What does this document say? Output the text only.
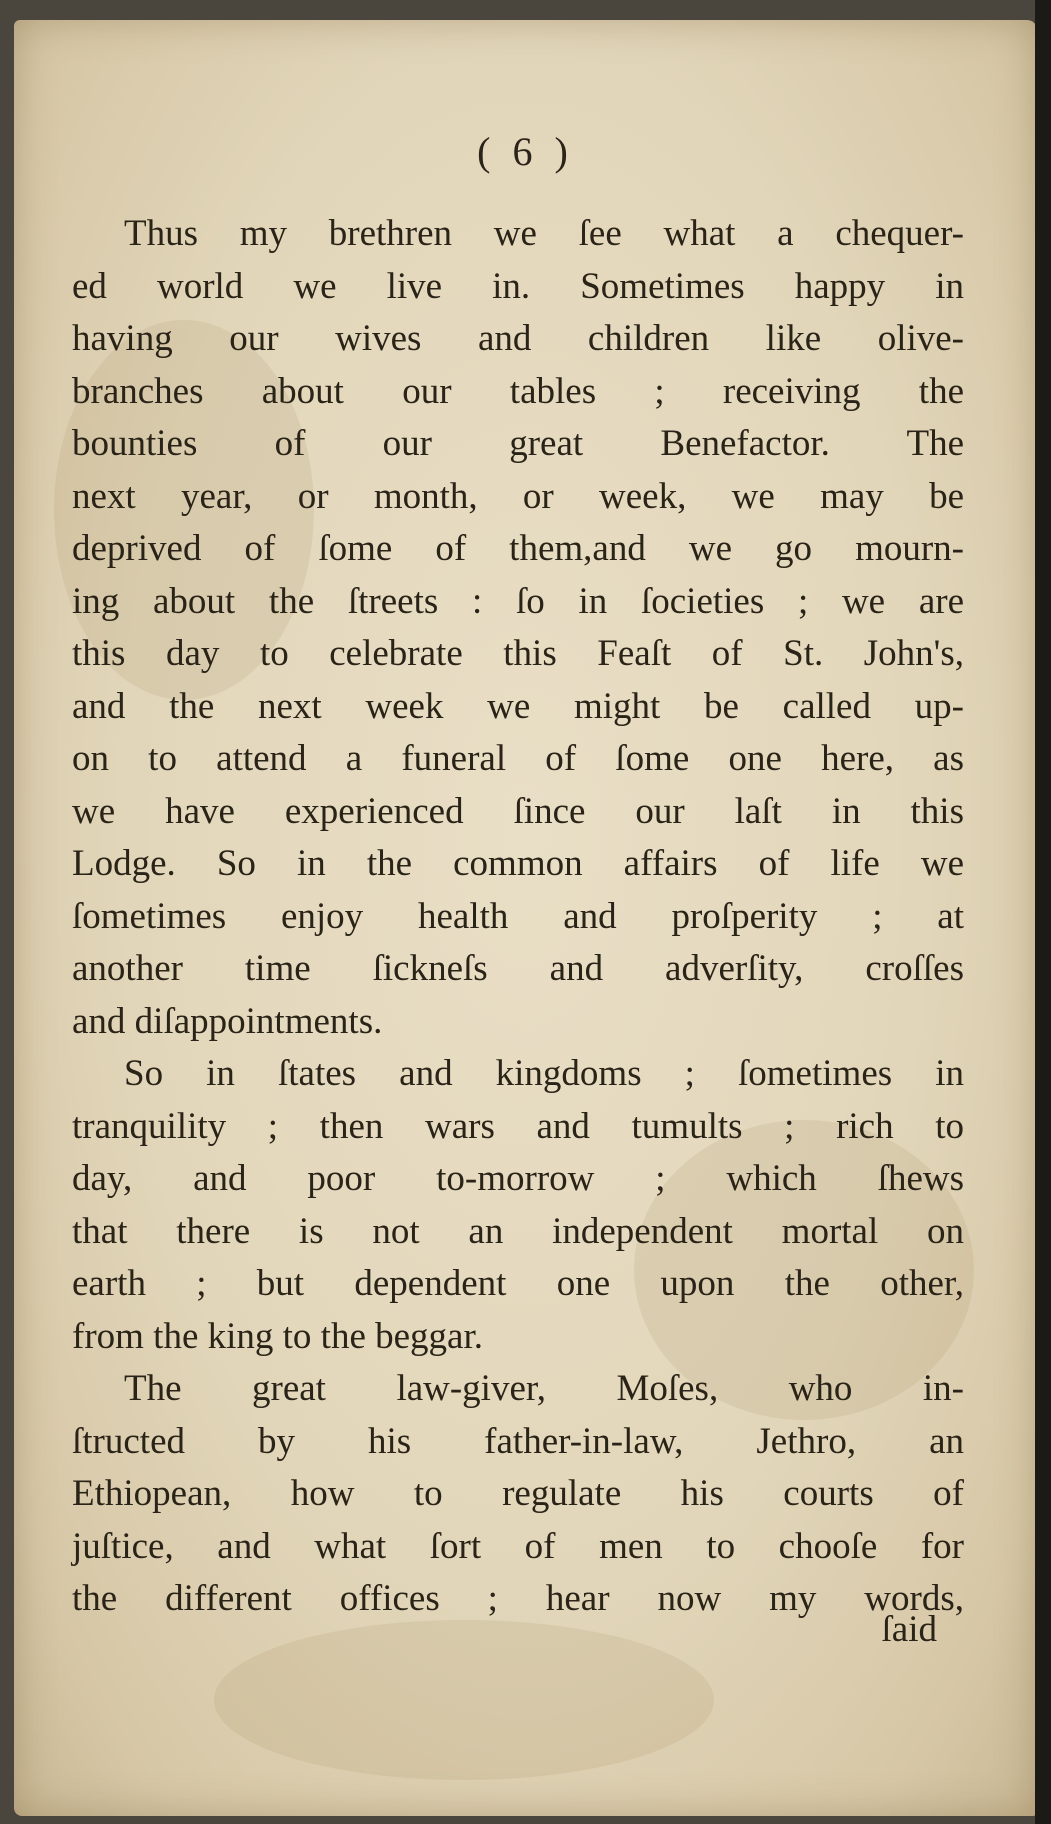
( 6 )
Thus my brethren we ſee what a chequer-
ed world we live in. Sometimes happy in
having our wives and children like olive-
branches about our tables ; receiving the
bounties of our great Benefactor. The
next year, or month, or week, we may be
deprived of ſome of them,and we go mourn-
ing about the ſtreets : ſo in ſocieties ; we are
this day to celebrate this Feaſt of St. John's,
and the next week we might be called up-
on to attend a funeral of ſome one here, as
we have experienced ſince our laſt in this
Lodge. So in the common affairs of life we
ſometimes enjoy health and proſperity ; at
another time ſickneſs and adverſity, croſſes
and diſappointments.
So in ſtates and kingdoms ; ſometimes in
tranquility ; then wars and tumults ; rich to
day, and poor to-morrow ; which ſhews
that there is not an independent mortal on
earth ; but dependent one upon the other,
from the king to the beggar.
The great law-giver, Moſes, who in-
ſtructed by his father-in-law, Jethro, an
Ethiopean, how to regulate his courts of
juſtice, and what ſort of men to chooſe for
the different offices ; hear now my words,
ſaid
